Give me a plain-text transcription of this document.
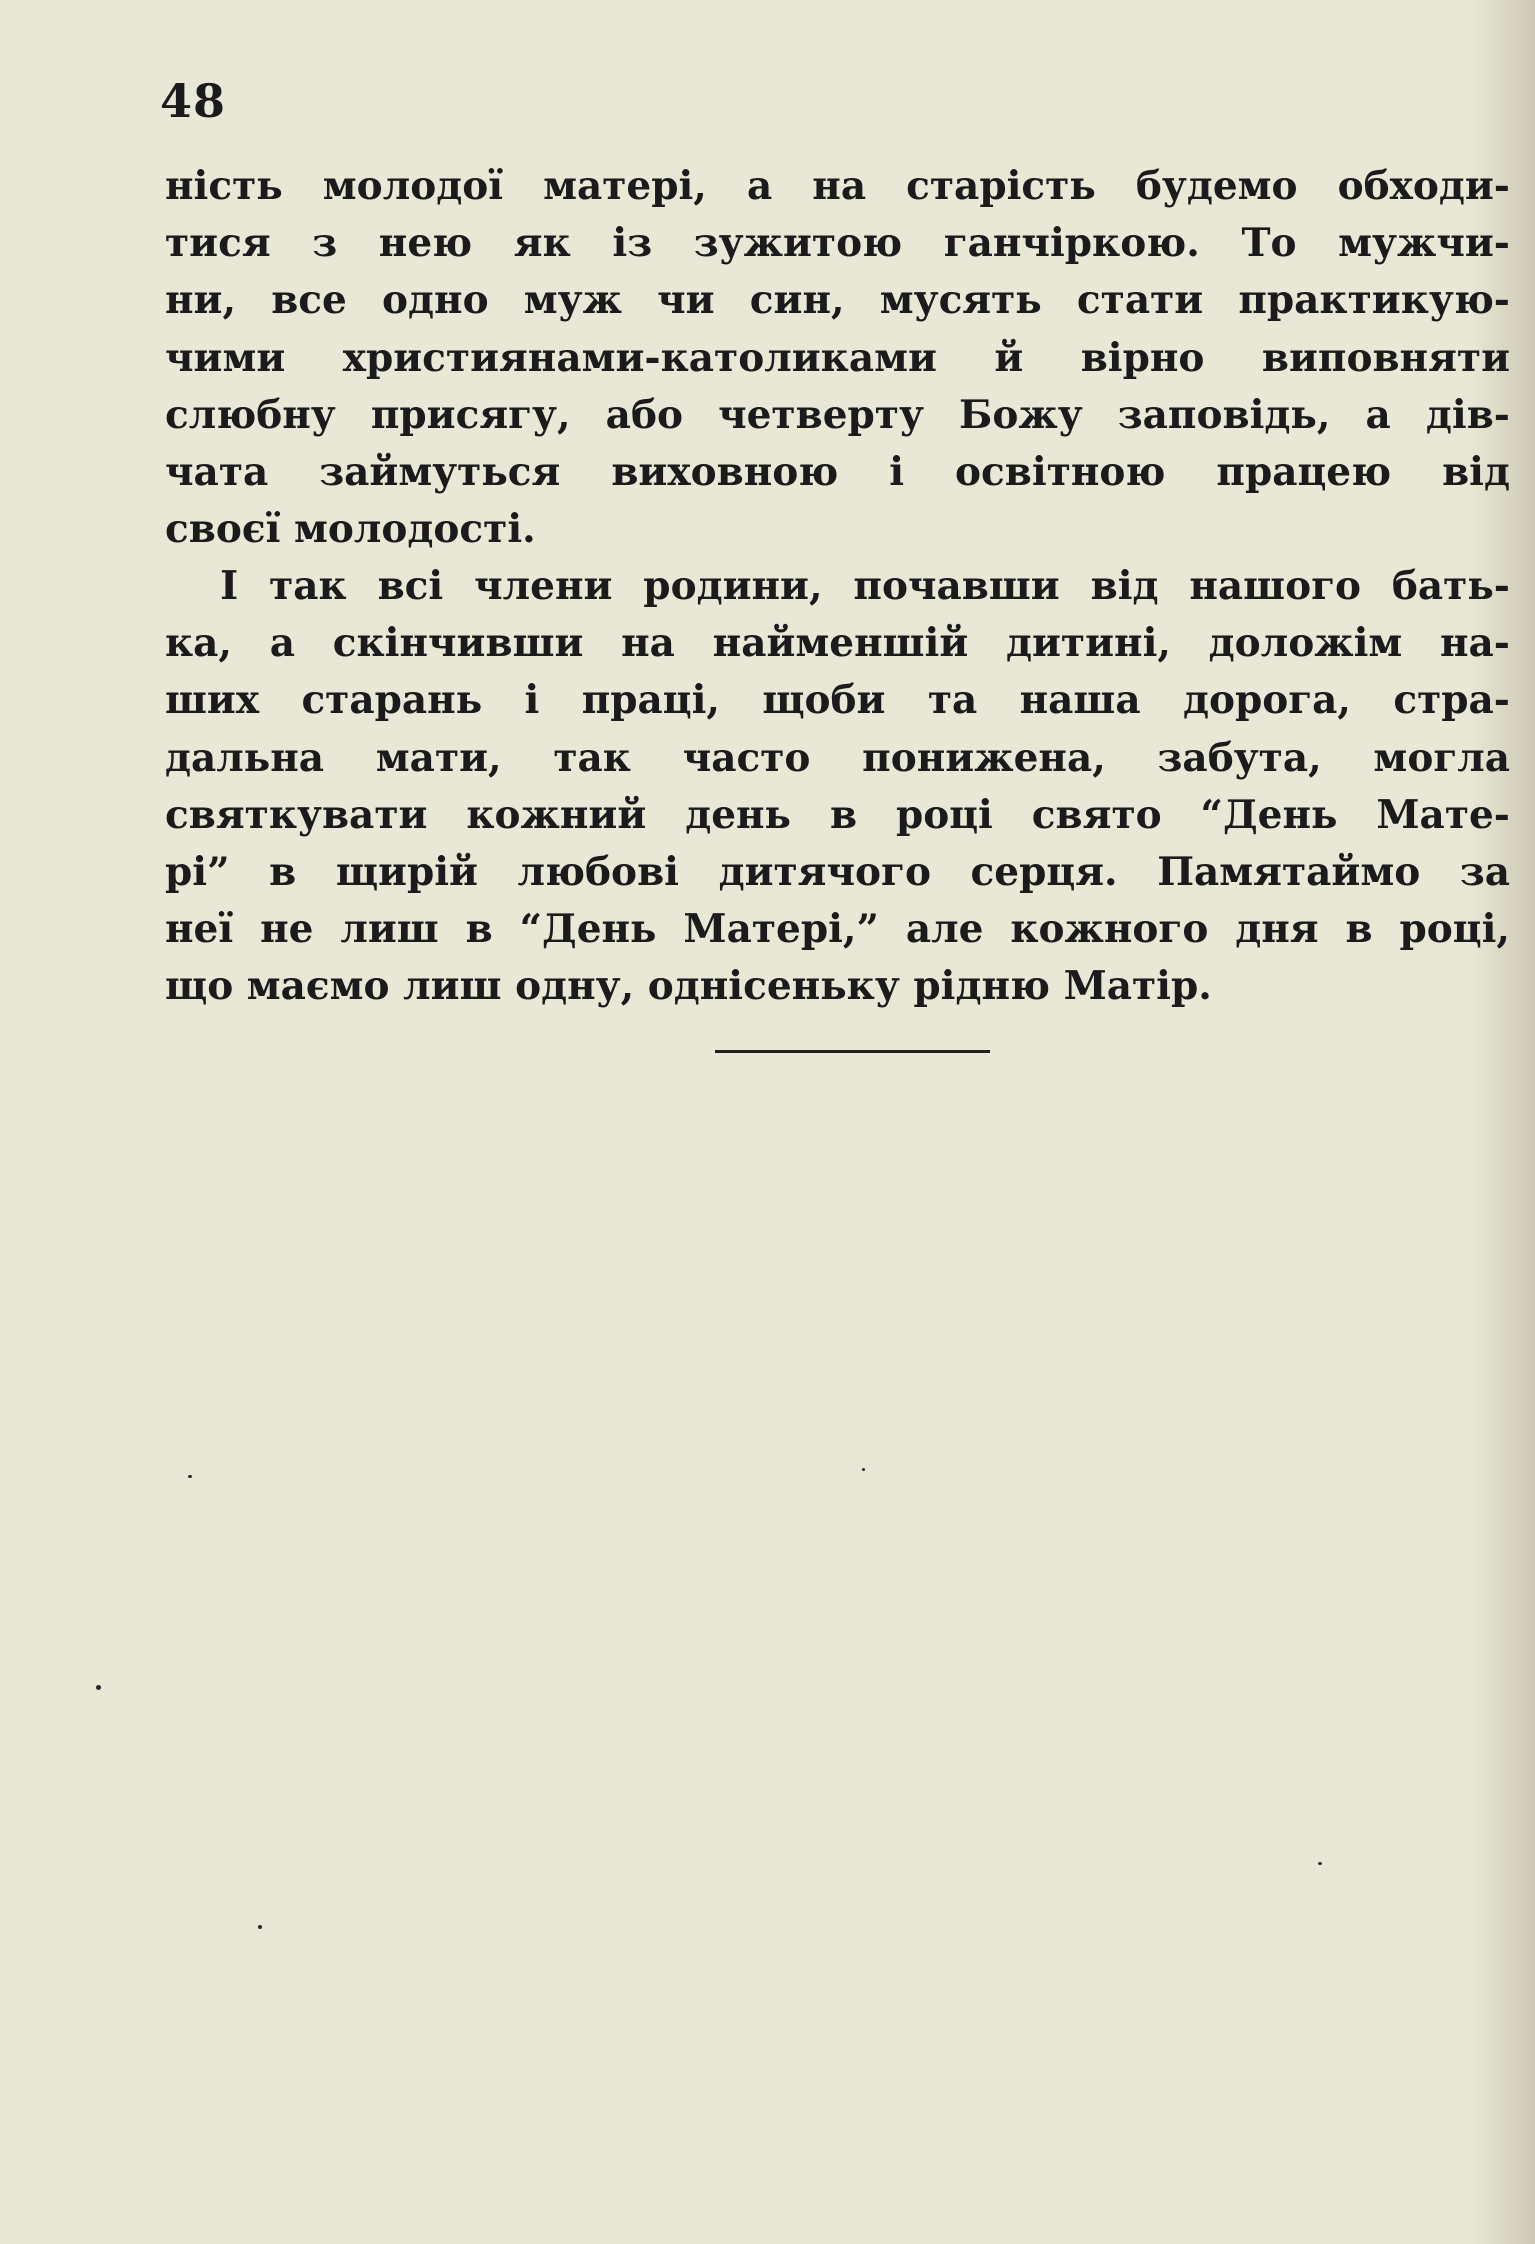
48
ність молодої матері, а на старість будемо обходи-
тися з нею як із зужитою ганчіркою. То мужчи-
ни, все одно муж чи син, мусять стати практикую-
чими християнами-католиками й вірно виповняти
слюбну присягу, або четверту Божу заповідь, а дів-
чата займуться виховною і освітною працею від
своєї молодості.
І так всі члени родини, почавши від нашого бать-
ка, а скінчивши на найменшій дитині, доложім на-
ших старань і праці, щоби та наша дорога, стра-
дальна мати, так часто понижена, забута, могла
святкувати кожний день в році свято “День Мате-
рі” в щирій любові дитячого серця. Памятаймо за
неї не лиш в “День Матері,” але кожного дня в році,
що маємо лиш одну, однісеньку рідню Матір.
